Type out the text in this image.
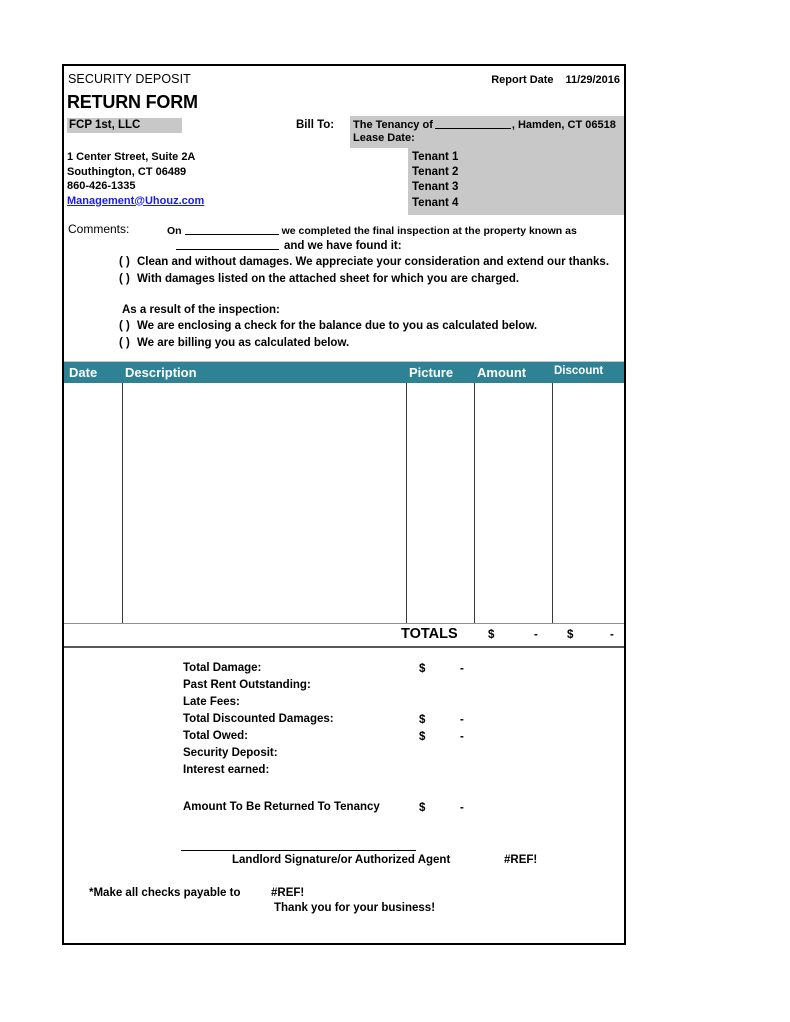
SECURITY DEPOSIT
RETURN FORM
Report Date 11/29/2016
FCP 1st, LLC
1 Center Street, Suite 2A
Southington, CT 06489
860-426-1335
Management@Uhouz.com
Bill To: The Tenancy of	, Hamden, CT 06518
Lease Date:
Tenant 1
Tenant 2
Tenant 3
Tenant 4
Comments:	On	we completed the final inspection at the property known as
and we have found it:
( ) Clean and without damages. We appreciate your consideration and extend our thanks.
( ) With damages listed on the attached sheet for which you are charged.
As a result of the inspection:
( ) We are enclosing a check for the balance due to you as calculated below.
( ) We are billing you as calculated below.
Date Description	Picture Amount Discount
TOTALS	$	-	$	-
Total Damage:	$	-
Past Rent Outstanding:
Late Fees:
Total Discounted Damages:	$	-
Total Owed:	$	-
Security Deposit:
Interest earned:
Amount To Be Returned To Tenancy	$	-
Landlord Signature/or Authorized Agent	#REF!
*Make all checks payable to	#REF!
Thank you for your business!
